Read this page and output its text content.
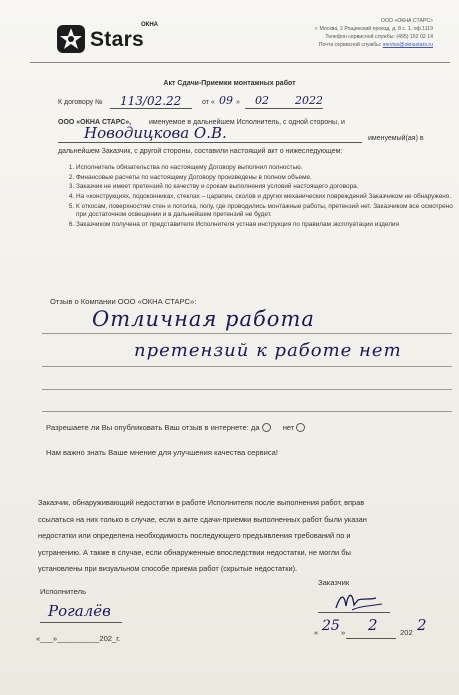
ОКНА
Stars
ООО «ОКНА СТАРС»
г. Москва, 2 Рощинский проезд, д. 8 с. 1, оф.1119
Телефон сервисной службы: (495) 162 02 14
Почта сервисной службы: service@oknastars.ru
Акт Сдачи-Приемки монтажных работ
К договору № 113/02.22	от « 09 » 02 2022
ООО «ОКНА СТАРС»,	именуемое в дальнейшем Исполнитель, с одной стороны, и
Новодицкова О.В.	именуемый(ая) в
дальнейшем Заказчик, с другой стороны, составили настоящий акт о нижеследующем:
1. Исполнитель обязательства по настоящему Договору выполнил полностью.
2. Финансовые расчеты по настоящему Договору произведены в полном объеме.
3. Заказчик не имеет претензий по качеству и срокам выполнения условий настоящего договора.
4. На «конструкциях, подоконниках, стеклах – царапин, сколов и других механических повреждений Заказчиком не обнаружено.
5. К откосам, поверхностям стен и потолка, полу, где проводились монтажные работы, претензий нет. Заказчиком все осмотрено при достаточном освещении и в дальнейшем претензий не будет.
6. Заказчиком получена от представителя Исполнителя устная инструкция по правилам эксплуатации изделия
Отзыв о Компании ООО «ОКНА СТАРС»:
Отличная работа
претензий к работе нет
Разрешаете ли Вы опубликовать Ваш отзыв в интернете: да	нет
Нам важно знать Ваше мнение для улучшения качества сервиса!
Заказчик, обнаруживающий недостатки в работе Исполнителя после выполнения работ, вправ
ссылаться на них только в случае, если в акте сдачи-приемки выполненных работ были указан
недостатки или определена необходимость последующего предъявления требований по и
устранению. А также в случае, если обнаруженные впоследствии недостатки, не могли бы
установлены при визуальном способе приема работ (скрытые недостатки).
Исполнитель
Рогалёв
«___»__________202_г.
Заказчик
« 25 » 2	202 2
